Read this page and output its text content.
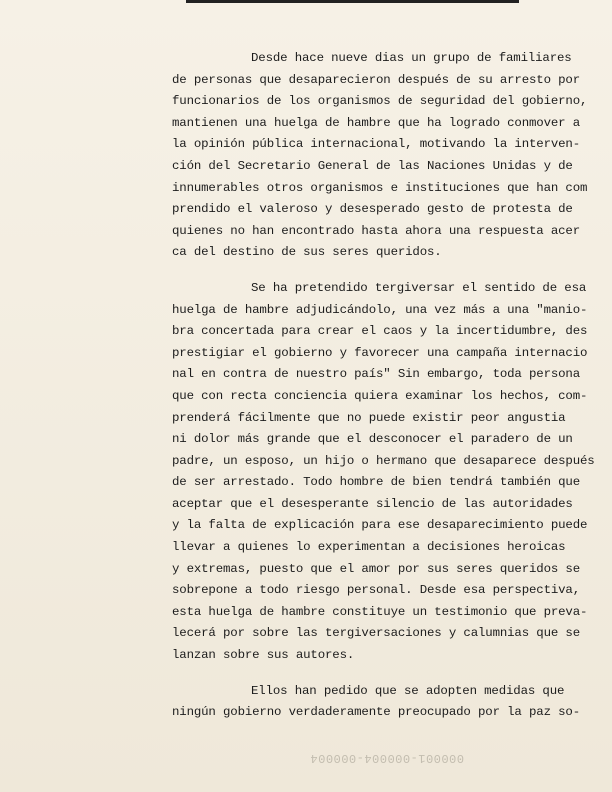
Desde hace nueve dias un grupo de familiares
de personas que desaparecieron después de su arresto por
funcionarios de los organismos de seguridad del gobierno,
mantienen una huelga de hambre que ha logrado conmover a
la opinión pública internacional, motivando la interven-
ción del Secretario General de las Naciones Unidas y de
innumerables otros organismos e instituciones que han com
prendido el valeroso y desesperado gesto de protesta de
quienes no han encontrado hasta ahora una respuesta acer
ca del destino de sus seres queridos.
Se ha pretendido tergiversar el sentido de esa
huelga de hambre adjudicándolo, una vez más a una "manio-
bra concertada para crear el caos y la incertidumbre, des
prestigiar el gobierno y favorecer una campaña internacio
nal en contra de nuestro país" Sin embargo, toda persona
que con recta conciencia quiera examinar los hechos, com-
prenderá fácilmente que no puede existir peor angustia
ni dolor más grande que el desconocer el paradero de un
padre, un esposo, un hijo o hermano que desaparece después
de ser arrestado. Todo hombre de bien tendrá también que
aceptar que el desesperante silencio de las autoridades
y la falta de explicación para ese desaparecimiento puede
llevar a quienes lo experimentan a decisiones heroicas
y extremas, puesto que el amor por sus seres queridos se
sobrepone a todo riesgo personal. Desde esa perspectiva,
esta huelga de hambre constituye un testimonio que preva-
lecerá por sobre las tergiversaciones y calumnias que se
lanzan sobre sus autores.
Ellos han pedido que se adopten medidas que
ningún gobierno verdaderamente preocupado por la paz so-
000001-000004-000004
